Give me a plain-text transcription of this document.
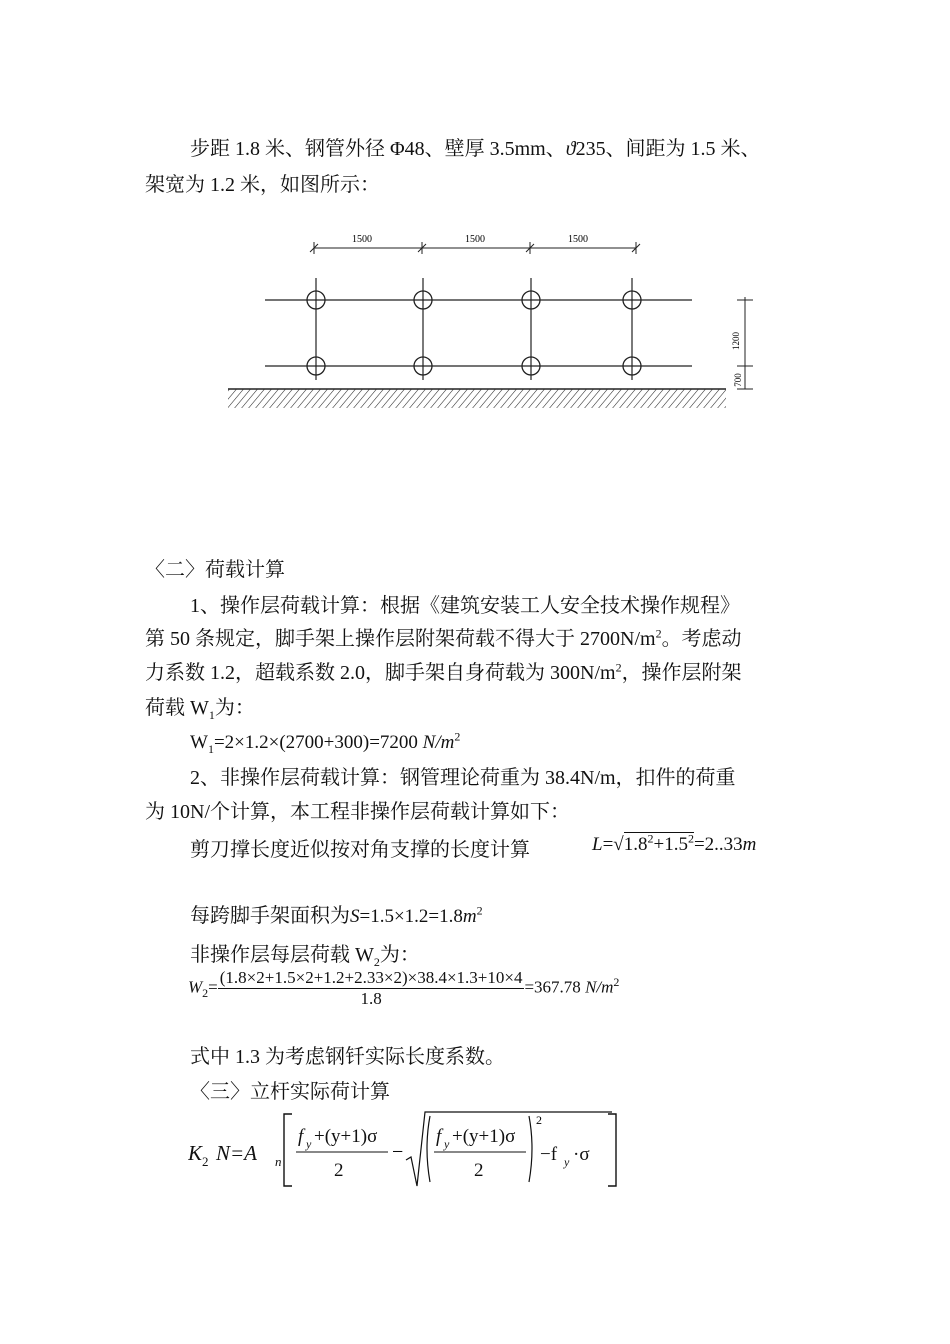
步距 1.8 米、钢管外径 Φ48、壁厚 3.5mm、ϑ235、间距为 1.5 米、
架宽为 1.2 米，如图所示：
1500	1500	1500
1200
700
〈二〉荷载计算
1、操作层荷载计算：根据《建筑安装工人安全技术操作规程》
第 50 条规定，脚手架上操作层附架荷载不得大于 $2700N/m^2$。考虑动
力系数 1.2，超载系数 2.0，脚手架自身荷载为 $300N/m^2$，操作层附架
荷载 $W_1$为：
$W_1=2\times 1.2\times(2700+300)=7200$ $N/m^2$
2、非操作层荷载计算：钢管理论荷重为 38.4N/m，扣件的荷重
为 10N/个计算，本工程非操作层荷载计算如下：
剪刀撑长度近似按对角支撑的长度计算	$L=√1.8^2+1.5^2=2..33m$
每跨脚手架面积为$S=1.5\times 1.2=1.8m^2$
非操作层每层荷载 $W_2$为：
$W_2= \frac{(1.8\times 2+1.5\times 2+1.2+2.33\times 2)\times 38.4\times 1.3+10\times 4}{1.8} =367.78$ $N/m^2$
式中 1.3 为考虑钢钎实际长度系数。
〈三〉立杆实际荷计算
K 2 N=A n
f y +(y+1)σ
2
−
f y +(y+1)σ
2
2
−f y ·σ
